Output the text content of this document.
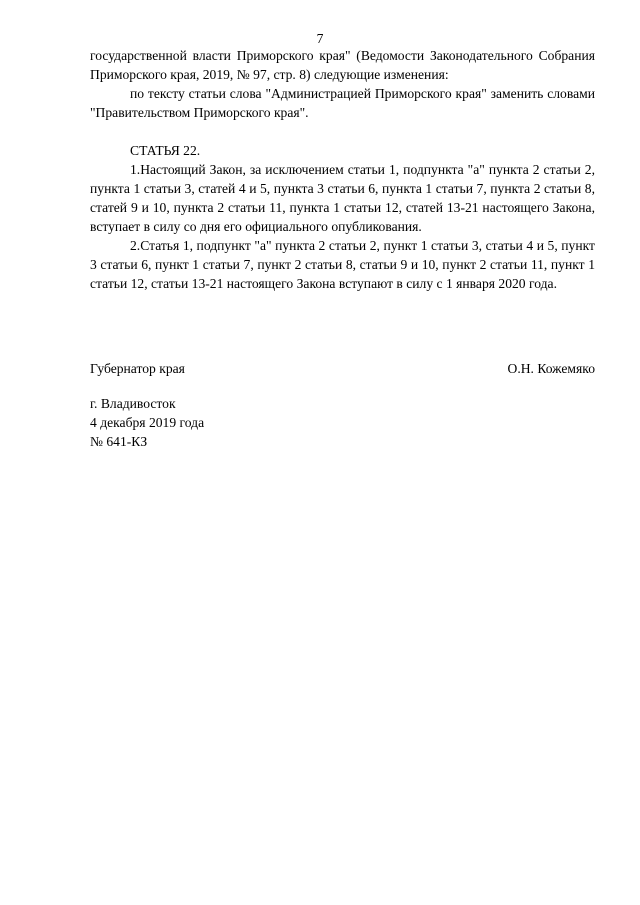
7

государственной власти Приморского края" (Ведомости Законодательного Собрания Приморского края, 2019, № 97, стр. 8) следующие изменения:

по тексту статьи слова "Администрацией Приморского края" заменить словами "Правительством Приморского края".

СТАТЬЯ 22.

1.Настоящий Закон, за исключением статьи 1, подпункта "а" пункта 2 статьи 2, пункта 1 статьи 3, статей 4 и 5, пункта 3 статьи 6, пункта 1 статьи 7, пункта 2 статьи 8, статей 9 и 10, пункта 2 статьи 11, пункта 1 статьи 12, статей 13-21 настоящего Закона, вступает в силу со дня его официального опубликования.

2.Статья 1, подпункт "а" пункта 2 статьи 2, пункт 1 статьи 3, статьи 4 и 5, пункт 3 статьи 6, пункт 1 статьи 7, пункт 2 статьи 8, статьи 9 и 10, пункт 2 статьи 11, пункт 1 статьи 12, статьи 13-21 настоящего Закона вступают в силу с 1 января 2020 года.

Губернатор края	О.Н. Кожемяко
г. Владивосток
4 декабря 2019 года
№ 641-КЗ
